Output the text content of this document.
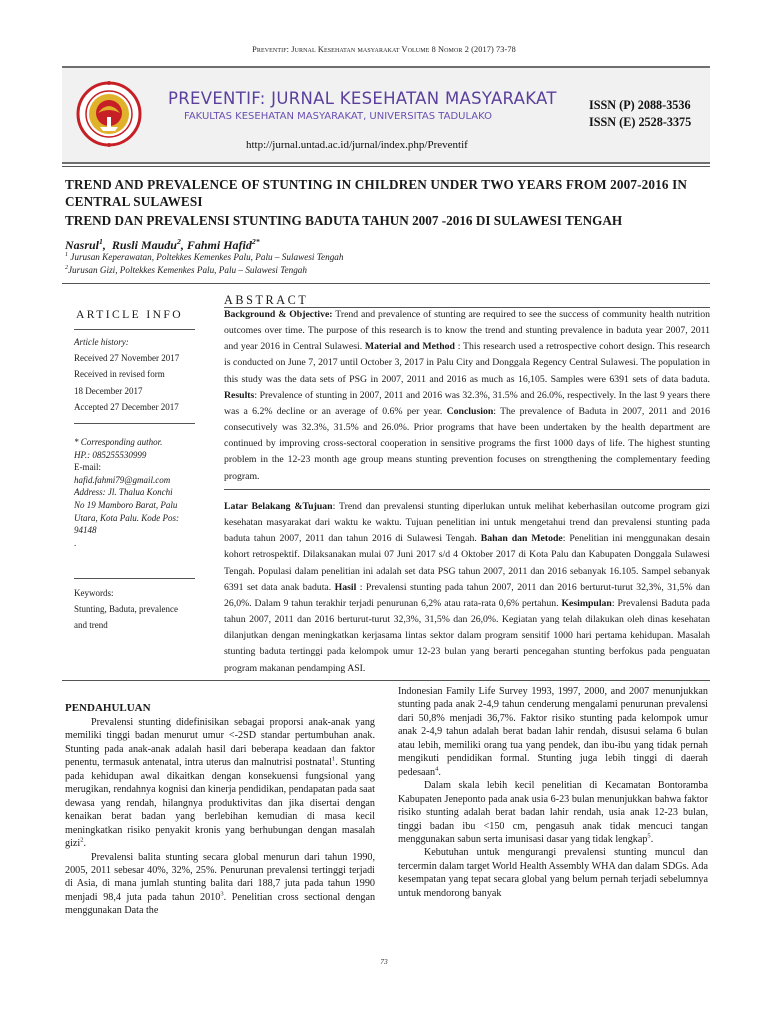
Preventif: Jurnal Kesehatan masyarakat Volume 8 Nomor 2 (2017) 73-78
PREVENTIF: JURNAL KESEHATAN MASYARAKAT
FAKULTAS KESEHATAN MASYARAKAT, UNIVERSITAS TADULAKO
http://jurnal.untad.ac.id/jurnal/index.php/Preventif
ISSN (P) 2088-3536
ISSN (E) 2528-3375
TREND AND PREVALENCE OF STUNTING IN CHILDREN UNDER TWO YEARS FROM 2007-2016 IN CENTRAL SULAWESI
TREND DAN PREVALENSI STUNTING BADUTA TAHUN 2007 -2016 DI SULAWESI TENGAH
Nasrul$^1$,  Rusli Maudu$^2$, Fahmi Hafid$^{2*}$
$^1$ Jurusan Keperawatan, Poltekkes Kemenkes Palu, Palu – Sulawesi Tengah
$^2$Jurusan Gizi, Poltekkes Kemenkes Palu, Palu – Sulawesi Tengah
ARTICLE INFO
Article history:
Received 27 November 2017
Received in revised form
18 December 2017
Accepted 27 December 2017
* Corresponding author.
HP.: 085255530999
E-mail:
hafid.fahmi79@gmail.com
Address: Jl. Thalua Konchi
No 19 Mamboro Barat, Palu
Utara, Kota Palu. Kode Pos:
94148
.
Keywords:
Stunting, Baduta, prevalence
and trend
ABSTRACT
Background & Objective: Trend and prevalence of stunting are required to see the success of community health nutrition outcomes over time. The purpose of this research is to know the trend and stunting prevalence in baduta year 2007, 2011 and year 2016 in Central Sulawesi. Material and Method : This research used a retrospective cohort design. This research is conducted on June 7, 2017 until October 3, 2017 in Palu City and Donggala Regency Central Sulawesi. The population in this study was the data sets of PSG in 2007, 2011 and 2016 as much as 16,105. Samples were 6391 sets of data baduta. Results: Prevalence of stunting in 2007, 2011 and 2016 was 32.3%, 31.5% and 26.0%, respectively. In the last 9 years there was a 6.2% decline or an average of 0.6% per year. Conclusion: The prevalence of Baduta in 2007, 2011 and 2016 consecutively was 32.3%, 31.5% and 26.0%. Prior programs that have been undertaken by the health department are continued by improving cross-sectoral cooperation in sensitive programs the first 1000 days of life. The highest stunting problem in the 12-23 month age group means stunting prevention focuses on strengthening the complementary feeding program.
Latar Belakang &Tujuan: Trend dan prevalensi stunting diperlukan untuk melihat keberhasilan outcome program gizi kesehatan masyarakat dari waktu ke waktu. Tujuan penelitian ini untuk mengetahui trend dan prevalensi stunting pada baduta tahun 2007, 2011 dan tahun 2016 di Sulawesi Tengah. Bahan dan Metode: Penelitian ini menggunakan desain kohort retrospektif. Dilaksanakan mulai 07 Juni 2017 s/d 4 Oktober 2017 di Kota Palu dan Kabupaten Donggala Sulawesi Tengah. Populasi dalam penelitian ini adalah set data PSG tahun 2007, 2011 dan 2016 sebanyak 16.105. Sampel sebanyak 6391 set data anak baduta. Hasil : Prevalensi stunting pada tahun 2007, 2011 dan 2016 berturut-turut 32,3%, 31,5% dan 26,0%. Dalam 9 tahun terakhir terjadi penurunan 6,2% atau rata-rata 0,6% pertahun. Kesimpulan: Prevalensi Baduta pada tahun 2007, 2011 dan 2016 berturut-turut 32,3%, 31,5% dan 26,0%. Kegiatan yang telah dilakukan oleh dinas kesehatan dilanjutkan dengan meningkatkan kerjasama lintas sektor dalam program sensitif 1000 hari pertama kehidupan. Masalah stunting baduta tertinggi pada kelompok umur 12-23 bulan yang berarti pencegahan stunting berfokus pada penguatan program makanan pendamping ASI.
PENDAHULUAN

Prevalensi stunting didefinisikan sebagai proporsi anak-anak yang memiliki tinggi badan menurut umur <-2SD standar pertumbuhan anak. Stunting pada anak-anak adalah hasil dari beberapa keadaan dan faktor penentu, termasuk antenatal, intra uterus dan malnutrisi postnatal$^1$. Stunting pada kehidupan awal dikaitkan dengan konsekuensi fungsional yang merugikan, rendahnya kognisi dan kinerja pendidikan, pendapatan pada saat dewasa yang rendah, hilangnya produktivitas dan jika disertai dengan kenaikan berat badan yang berlebihan kemudian di masa kecil meningkatkan risiko penyakit kronis yang berhubungan dengan masalah gizi$^2$.

Prevalensi balita stunting secara global menurun dari tahun 1990, 2005, 2011 sebesar 40%, 32%, 25%. Penurunan prevalensi tertinggi terjadi di Asia, di mana jumlah stunting balita dari 188,7 juta pada tahun 1990 menjadi 98,4 juta pada tahun 2010$^3$. Penelitian cross sectional dengan menggunakan Data the

Indonesian Family Life Survey 1993, 1997, 2000, and 2007 menunjukkan stunting pada anak 2-4,9 tahun cenderung mengalami penurunan prevalensi dari 50,8% menjadi 36,7%. Faktor risiko stunting pada kelompok umur anak 2-4,9 tahun adalah berat badan lahir rendah, disusui selama 6 bulan atau lebih, memiliki orang tua yang pendek, dan ibu-ibu yang tidak pernah mengikuti pendidikan formal. Stunting juga lebih tinggi di daerah pedesaan$^4$.

Dalam skala lebih kecil penelitian di Kecamatan Bontoramba Kabupaten Jeneponto pada anak usia 6-23 bulan menunjukkan bahwa faktor risiko stunting adalah berat badan lahir rendah, usia anak 12-23 bulan, tinggi badan ibu <150 cm, pengasuh anak tidak mencuci tangan menggunakan sabun serta imunisasi dasar yang tidak lengkap$^5$.

Kebutuhan untuk mengurangi prevalensi stunting muncul dan tercermin dalam target World Health Assembly WHA dan dalam SDGs. Ada kesempatan yang tepat secara global yang belum pernah terjadi sebelumnya untuk mendorong banyak

73
